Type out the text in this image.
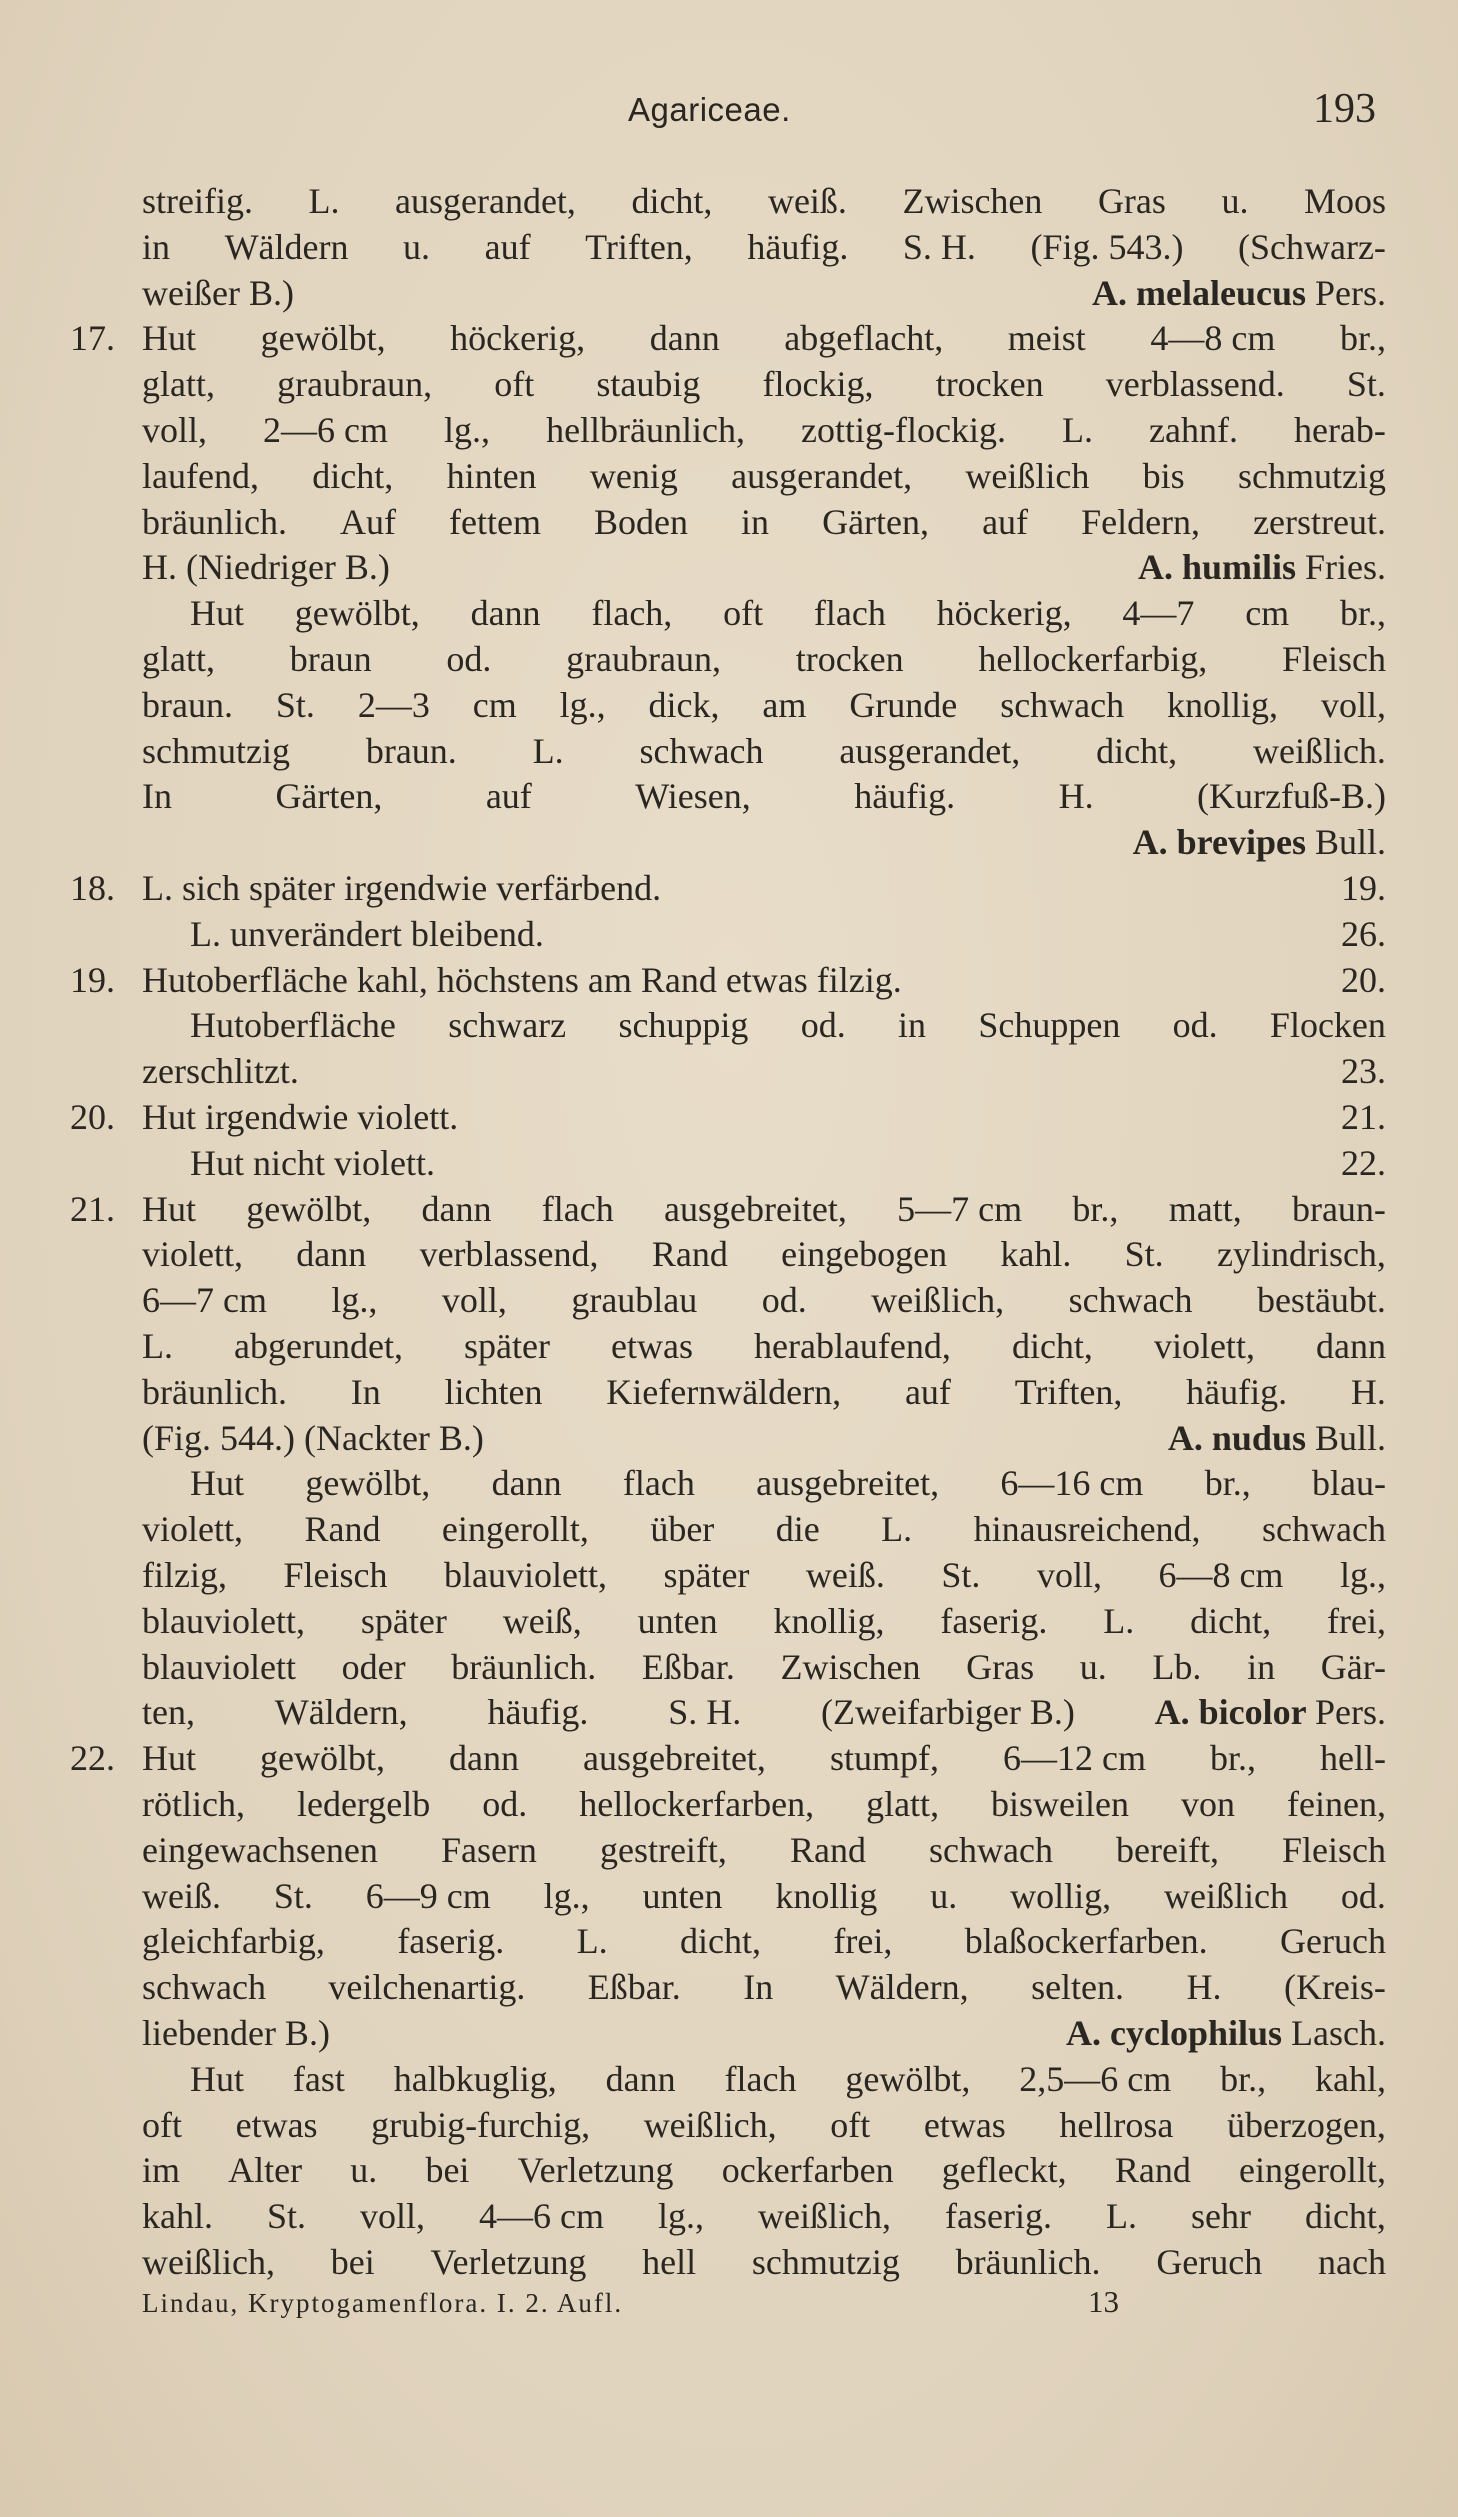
Agariceae.	193
streifig. L. ausgerandet, dicht, weiß. Zwischen Gras u. Moos
in Wäldern u. auf Triften, häufig. S. H. (Fig. 543.) (Schwarz-
weißer B.)	A. melaleucus Pers.
17. Hut gewölbt, höckerig, dann abgeflacht, meist 4—8 cm br.,
glatt, graubraun, oft staubig flockig, trocken verblassend. St.
voll, 2—6 cm lg., hellbräunlich, zottig-flockig. L. zahnf. herab-
laufend, dicht, hinten wenig ausgerandet, weißlich bis schmutzig
bräunlich. Auf fettem Boden in Gärten, auf Feldern, zerstreut.
H. (Niedriger B.)	A. humilis Fries.
Hut gewölbt, dann flach, oft flach höckerig, 4—7 cm br.,
glatt, braun od. graubraun, trocken hellockerfarbig, Fleisch
braun. St. 2—3 cm lg., dick, am Grunde schwach knollig, voll,
schmutzig braun. L. schwach ausgerandet, dicht, weißlich.
In	Gärten,	auf	Wiesen,	häufig.	H.	(Kurzfuß-B.)
A. brevipes Bull.
18. L. sich später irgendwie verfärbend.	19.
L. unverändert bleibend.	26.
19. Hutoberfläche kahl, höchstens am Rand etwas filzig.	20.
Hutoberfläche schwarz schuppig od. in Schuppen od. Flocken
zerschlitzt.	23.
20. Hut irgendwie violett.	21.
Hut nicht violett.	22.
21. Hut gewölbt, dann flach ausgebreitet, 5—7 cm br., matt, braun-
violett, dann verblassend, Rand eingebogen kahl. St. zylindrisch,
6—7 cm lg., voll, graublau od. weißlich, schwach bestäubt.
L. abgerundet, später etwas herablaufend, dicht, violett, dann
bräunlich. In lichten Kiefernwäldern, auf Triften, häufig. H.
(Fig. 544.) (Nackter B.)	A. nudus Bull.
Hut gewölbt, dann flach ausgebreitet, 6—16 cm br., blau-
violett, Rand eingerollt, über die L. hinausreichend, schwach
filzig, Fleisch blauviolett, später weiß. St. voll, 6—8 cm lg.,
blauviolett, später weiß, unten knollig, faserig. L. dicht, frei,
blauviolett oder bräunlich. Eßbar. Zwischen Gras u. Lb. in Gär-
ten, Wäldern, häufig. S. H. (Zweifarbiger B.) A. bicolor Pers.
22. Hut gewölbt, dann ausgebreitet, stumpf, 6—12 cm br., hell-
rötlich, ledergelb od. hellockerfarben, glatt, bisweilen von feinen,
eingewachsenen Fasern gestreift, Rand schwach bereift, Fleisch
weiß. St. 6—9 cm lg., unten knollig u. wollig, weißlich od.
gleichfarbig, faserig. L. dicht, frei, blaßockerfarben. Geruch
schwach veilchenartig. Eßbar. In Wäldern, selten. H. (Kreis-
liebender B.)	A. cyclophilus Lasch.
Hut fast halbkuglig, dann flach gewölbt, 2,5—6 cm br., kahl,
oft etwas grubig-furchig, weißlich, oft etwas hellrosa überzogen,
im Alter u. bei Verletzung ockerfarben gefleckt, Rand eingerollt,
kahl. St. voll, 4—6 cm lg., weißlich, faserig. L. sehr dicht,
weißlich, bei Verletzung hell schmutzig bräunlich. Geruch nach
Lindau, Kryptogamenflora. I. 2. Aufl.	13
